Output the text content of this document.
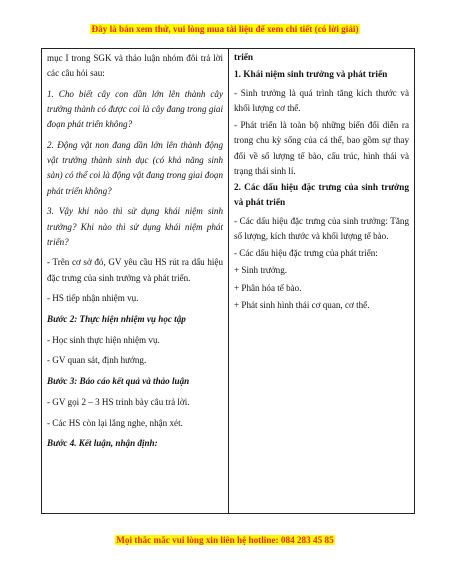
Đây là bản xem thử, vui lòng mua tài liệu để xem chi tiết (có lời giải)

mục I trong SGK và thảo luận nhóm đôi trả lời các câu hỏi sau:

1. Cho biết cây con dần lớn lên thành cây trưởng thành có được coi là cây đang trong giai đoạn phát triển không?

2. Động vật non đang dần lớn lên thành động vật trưởng thành sinh dục (có khả năng sinh sản) có thể coi là động vật đang trong giai đoạn phát triển không?

3. Vậy khi nào thì sử dụng khái niệm sinh trưởng? Khi nào thì sử dụng khái niệm phát triển?

- Trên cơ sở đó, GV yêu cầu HS rút ra dấu hiệu đặc trưng của sinh trưởng và phát triển.

- HS tiếp nhận nhiệm vụ.

Bước 2: Thực hiện nhiệm vụ học tập

- Học sinh thực hiện nhiệm vụ.

- GV quan sát, định hướng.

Bước 3: Báo cáo kết quả và thảo luận

- GV gọi 2 – 3 HS trình bày câu trả lời.

- Các HS còn lại lắng nghe, nhận xét.

Bước 4. Kết luận, nhận định:

triển

1. Khái niệm sinh trưởng và phát triển

- Sinh trưởng là quá trình tăng kích thước và khối lượng cơ thể.

- Phát triển là toàn bộ những biến đổi diễn ra trong chu kỳ sống của cá thể, bao gồm sự thay đổi về số lượng tế bào, cấu trúc, hình thái và trạng thái sinh lí.

2. Các dấu hiệu đặc trưng của sinh trưởng và phát triển

- Các dấu hiệu đặc trưng của sinh trưởng: Tăng số lượng, kích thước và khối lượng tế bào.

- Các dấu hiệu đặc trưng của phát triển:

+ Sinh trưởng.

+ Phân hóa tế bào.

+ Phát sinh hình thái cơ quan, cơ thể.

Mọi thắc mắc vui lòng xin liên hệ hotline: 084 283 45 85
